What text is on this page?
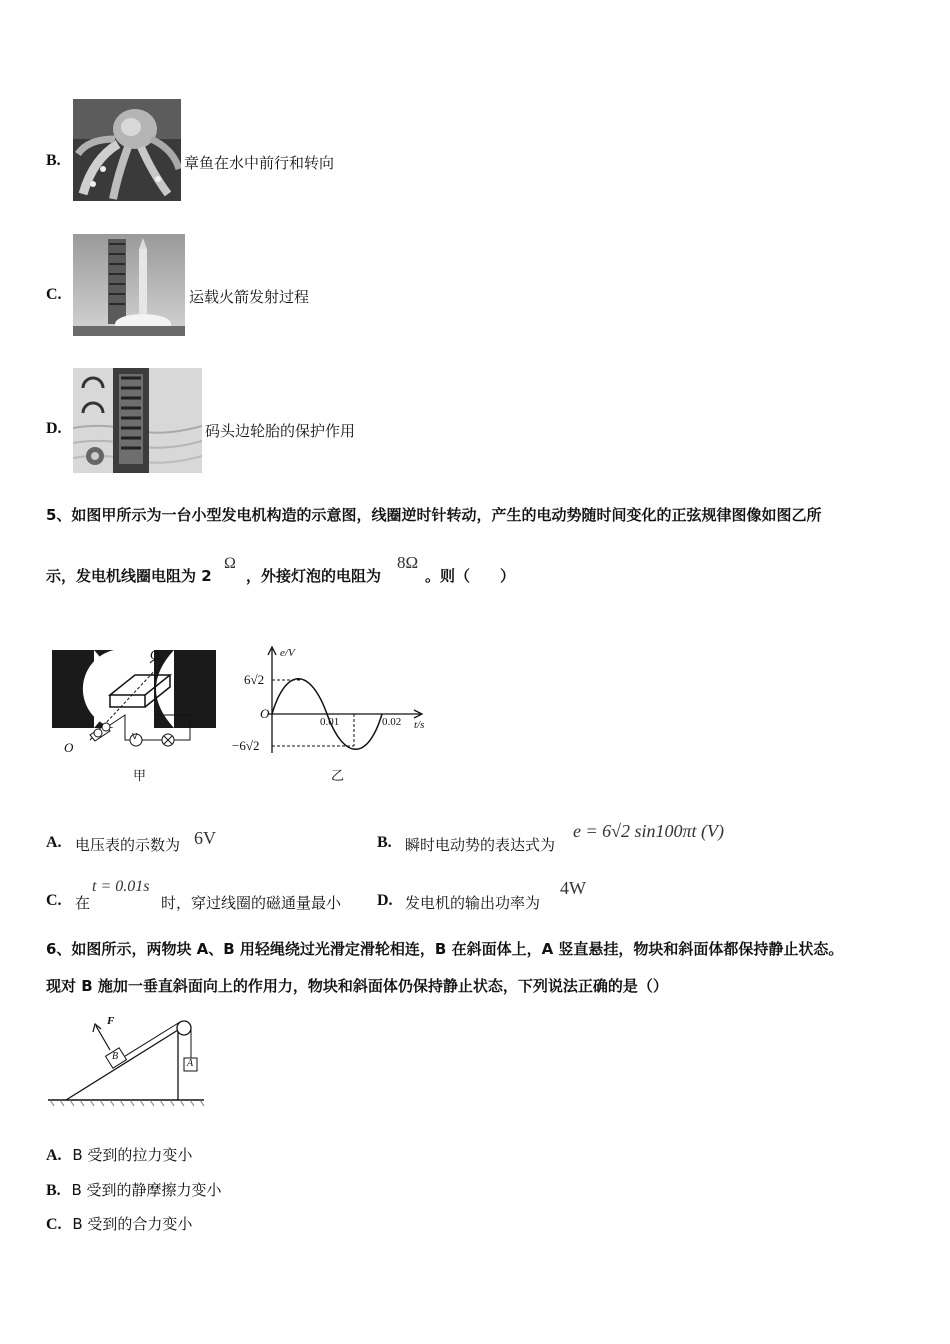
B.	章鱼在水中前行和转向
C.	运载火箭发射过程
D.	码头边轮胎的保护作用
5、如图甲所示为一台小型发电机构造的示意图，线圈逆时针转动，产生的电动势随时间变化的正弦规律图像如图乙所
示，发电机线圈电阻为 2
Ω
，外接灯泡的电阻为
8Ω
。则（　　）
O′
O
V
甲
e/V
t/s
6√2
−6√2
O
0.01	0.02
乙
A. 电压表的示数为 6V	B. 瞬时电动势的表达式为
e = 6√2 sin100πt (V)
C. 在
t = 0.01s
时，穿过线圈的磁通量最小 D. 发电机的输出功率为
4W
6、如图所示，两物块 A、B 用轻绳绕过光滑定滑轮相连，B 在斜面体上，A 竖直悬挂，物块和斜面体都保持静止状态。
现对 B 施加一垂直斜面向上的作用力，物块和斜面体仍保持静止状态，下列说法正确的是（）
F
B
A
A. B 受到的拉力变小
B. B 受到的静摩擦力变小
C. B 受到的合力变小
